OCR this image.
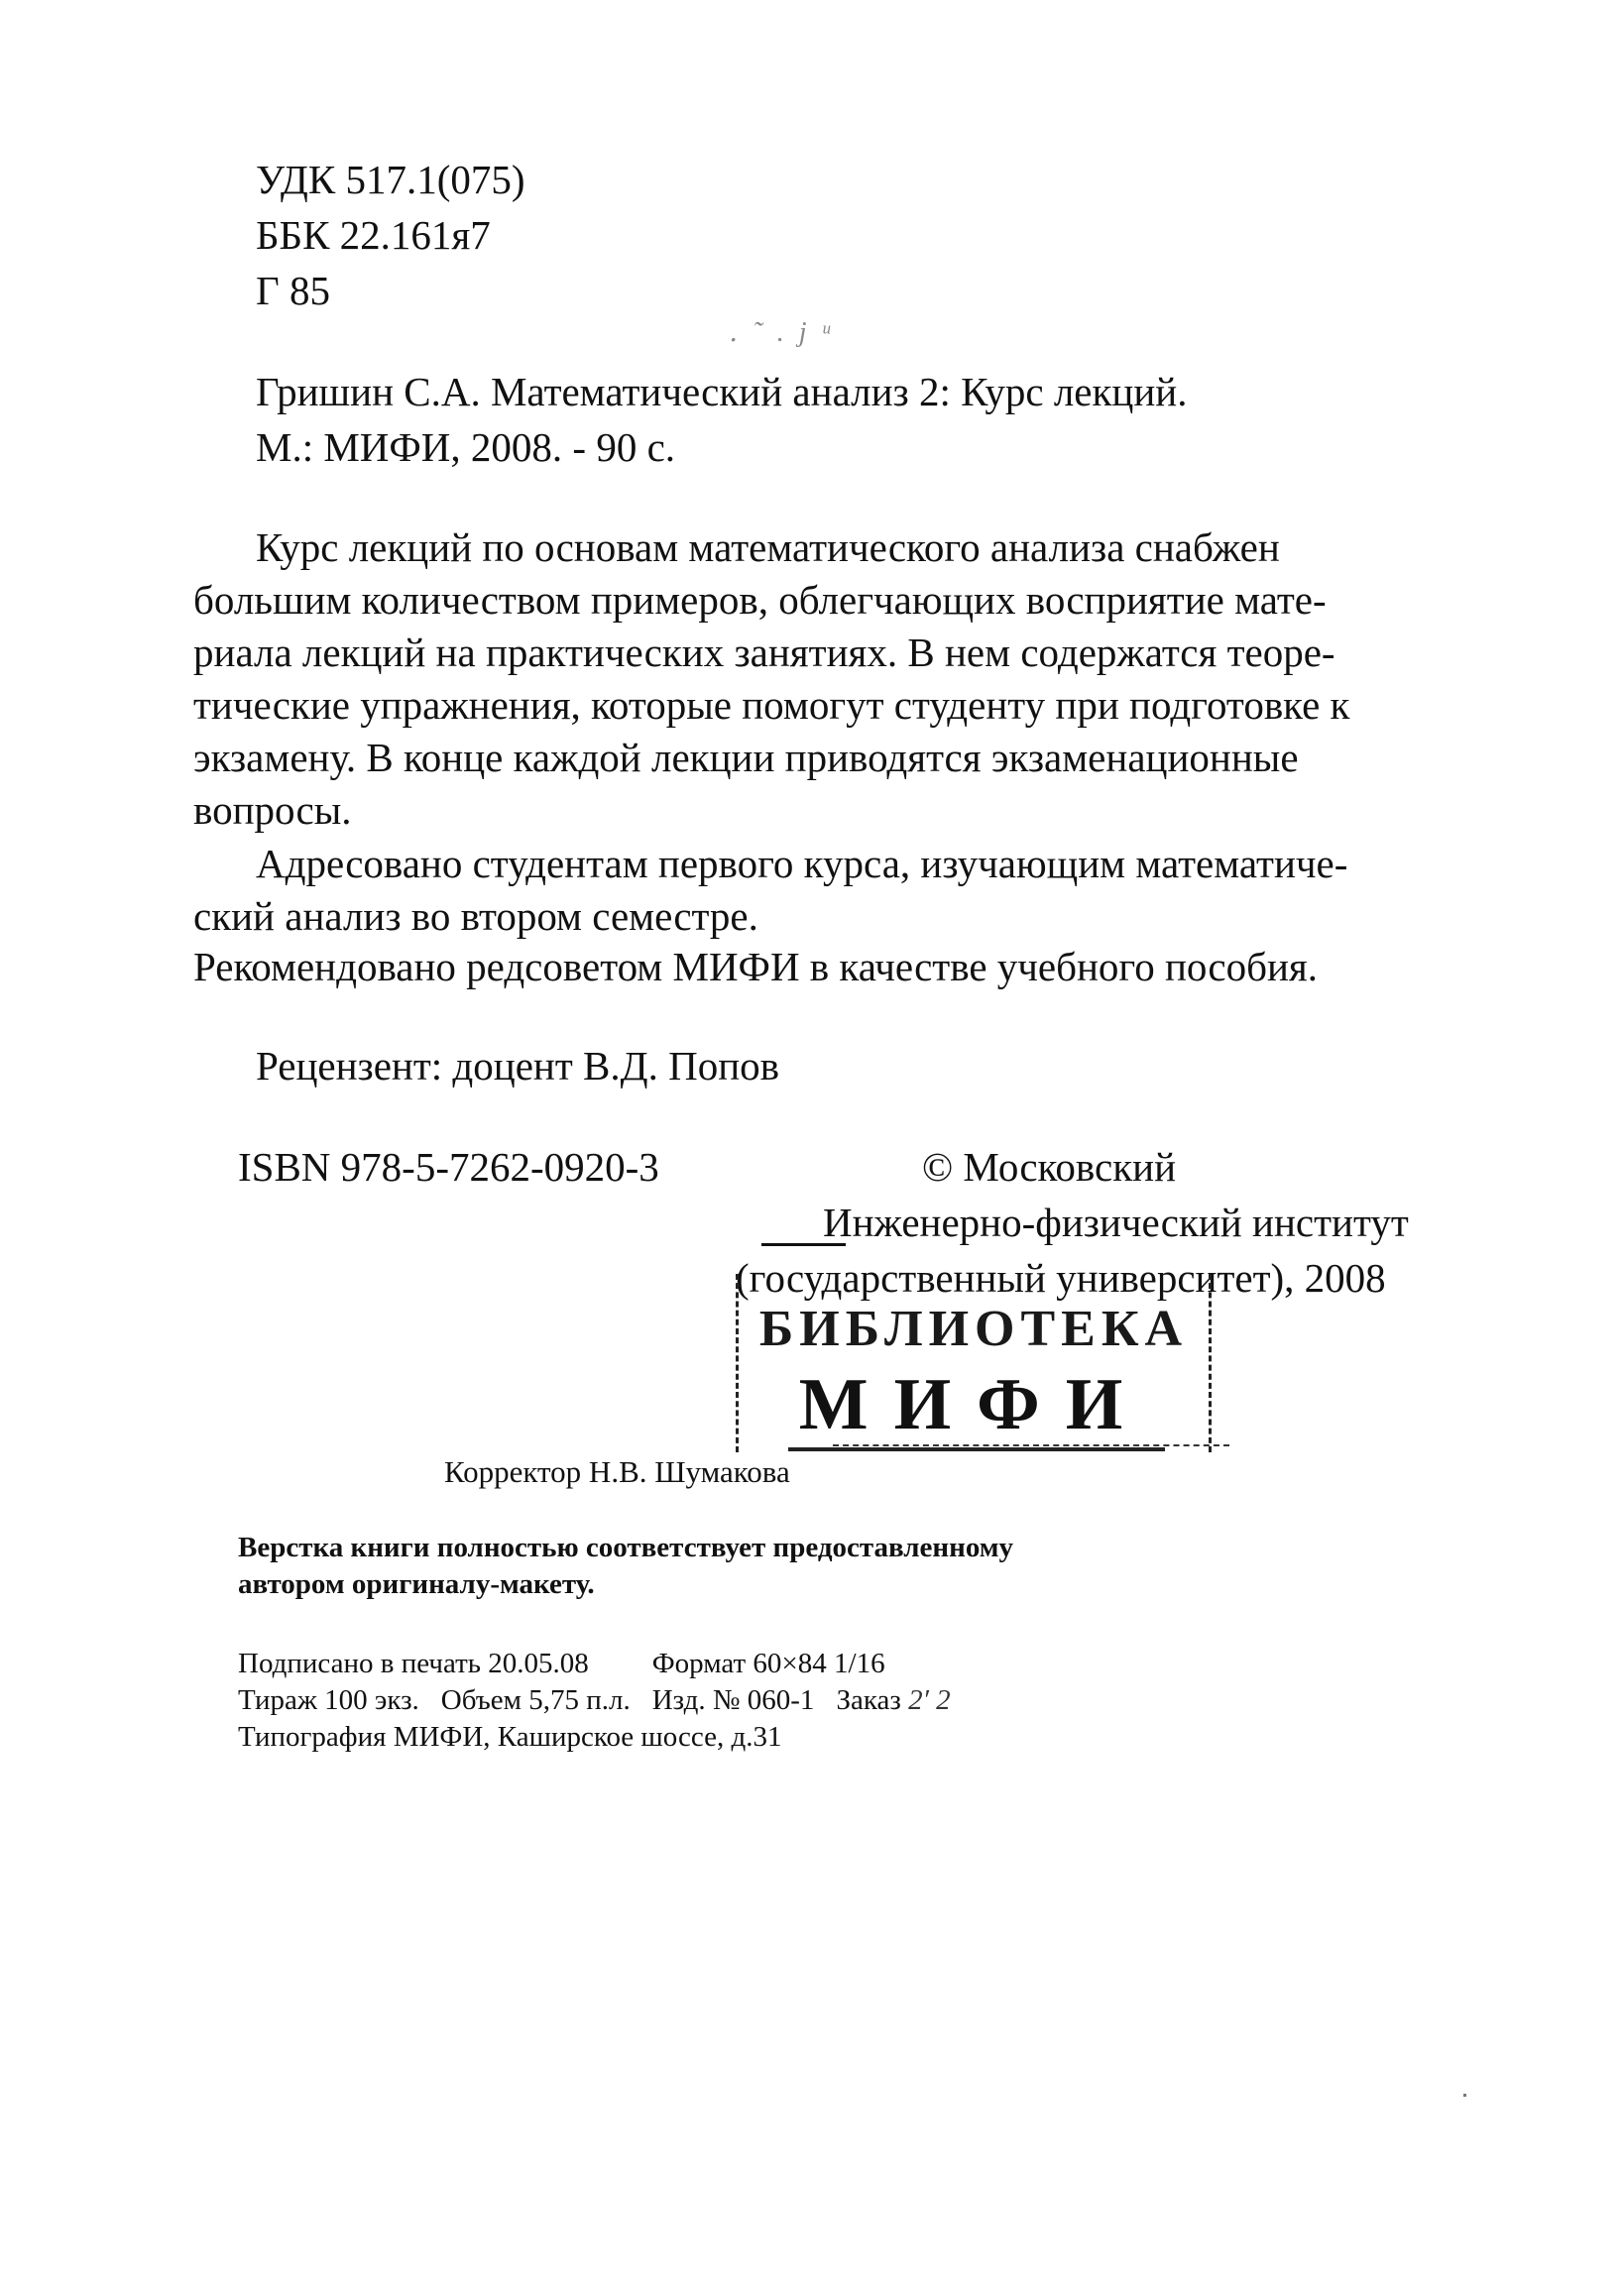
УДК 517.1(075)
ББК 22.161я7
Г 85
․ ˜ . ј ᵘ
Гришин С.А. Математический анализ 2: Курс лекций.
М.: МИФИ, 2008. - 90 с.

Курс лекций по основам математического анализа снабжен

большим количеством примеров, облегчающих восприятие мате-

риала лекций на практических занятиях. В нем содержатся теоре-

тические упражнения, которые помогут студенту при подготовке к

экзамену. В конце каждой лекции приводятся экзаменационные

вопросы.

Адресовано студентам первого курса, изучающим математиче-

ский анализ во втором семестре.

Рекомендовано редсоветом МИФИ в качестве учебного пособия.
Рецензент: доцент В.Д. Попов
ISBN 978-5-7262-0920-3	© Московский
Инженерно-физический институт
(государственный университет), 2008
БИБЛИОТЕКА
МИФИ
Корректор Н.В. Шумакова
Верстка книги полностью соответствует предоставленному
автором оригиналу-макету.
Подписано в печать 20.05.08 Формат 60×84 1/16
Тираж 100 экз. Объем 5,75 п.л. Изд. № 060-1 Заказ 2′ 2
Типография МИФИ, Каширское шоссе, д.31
